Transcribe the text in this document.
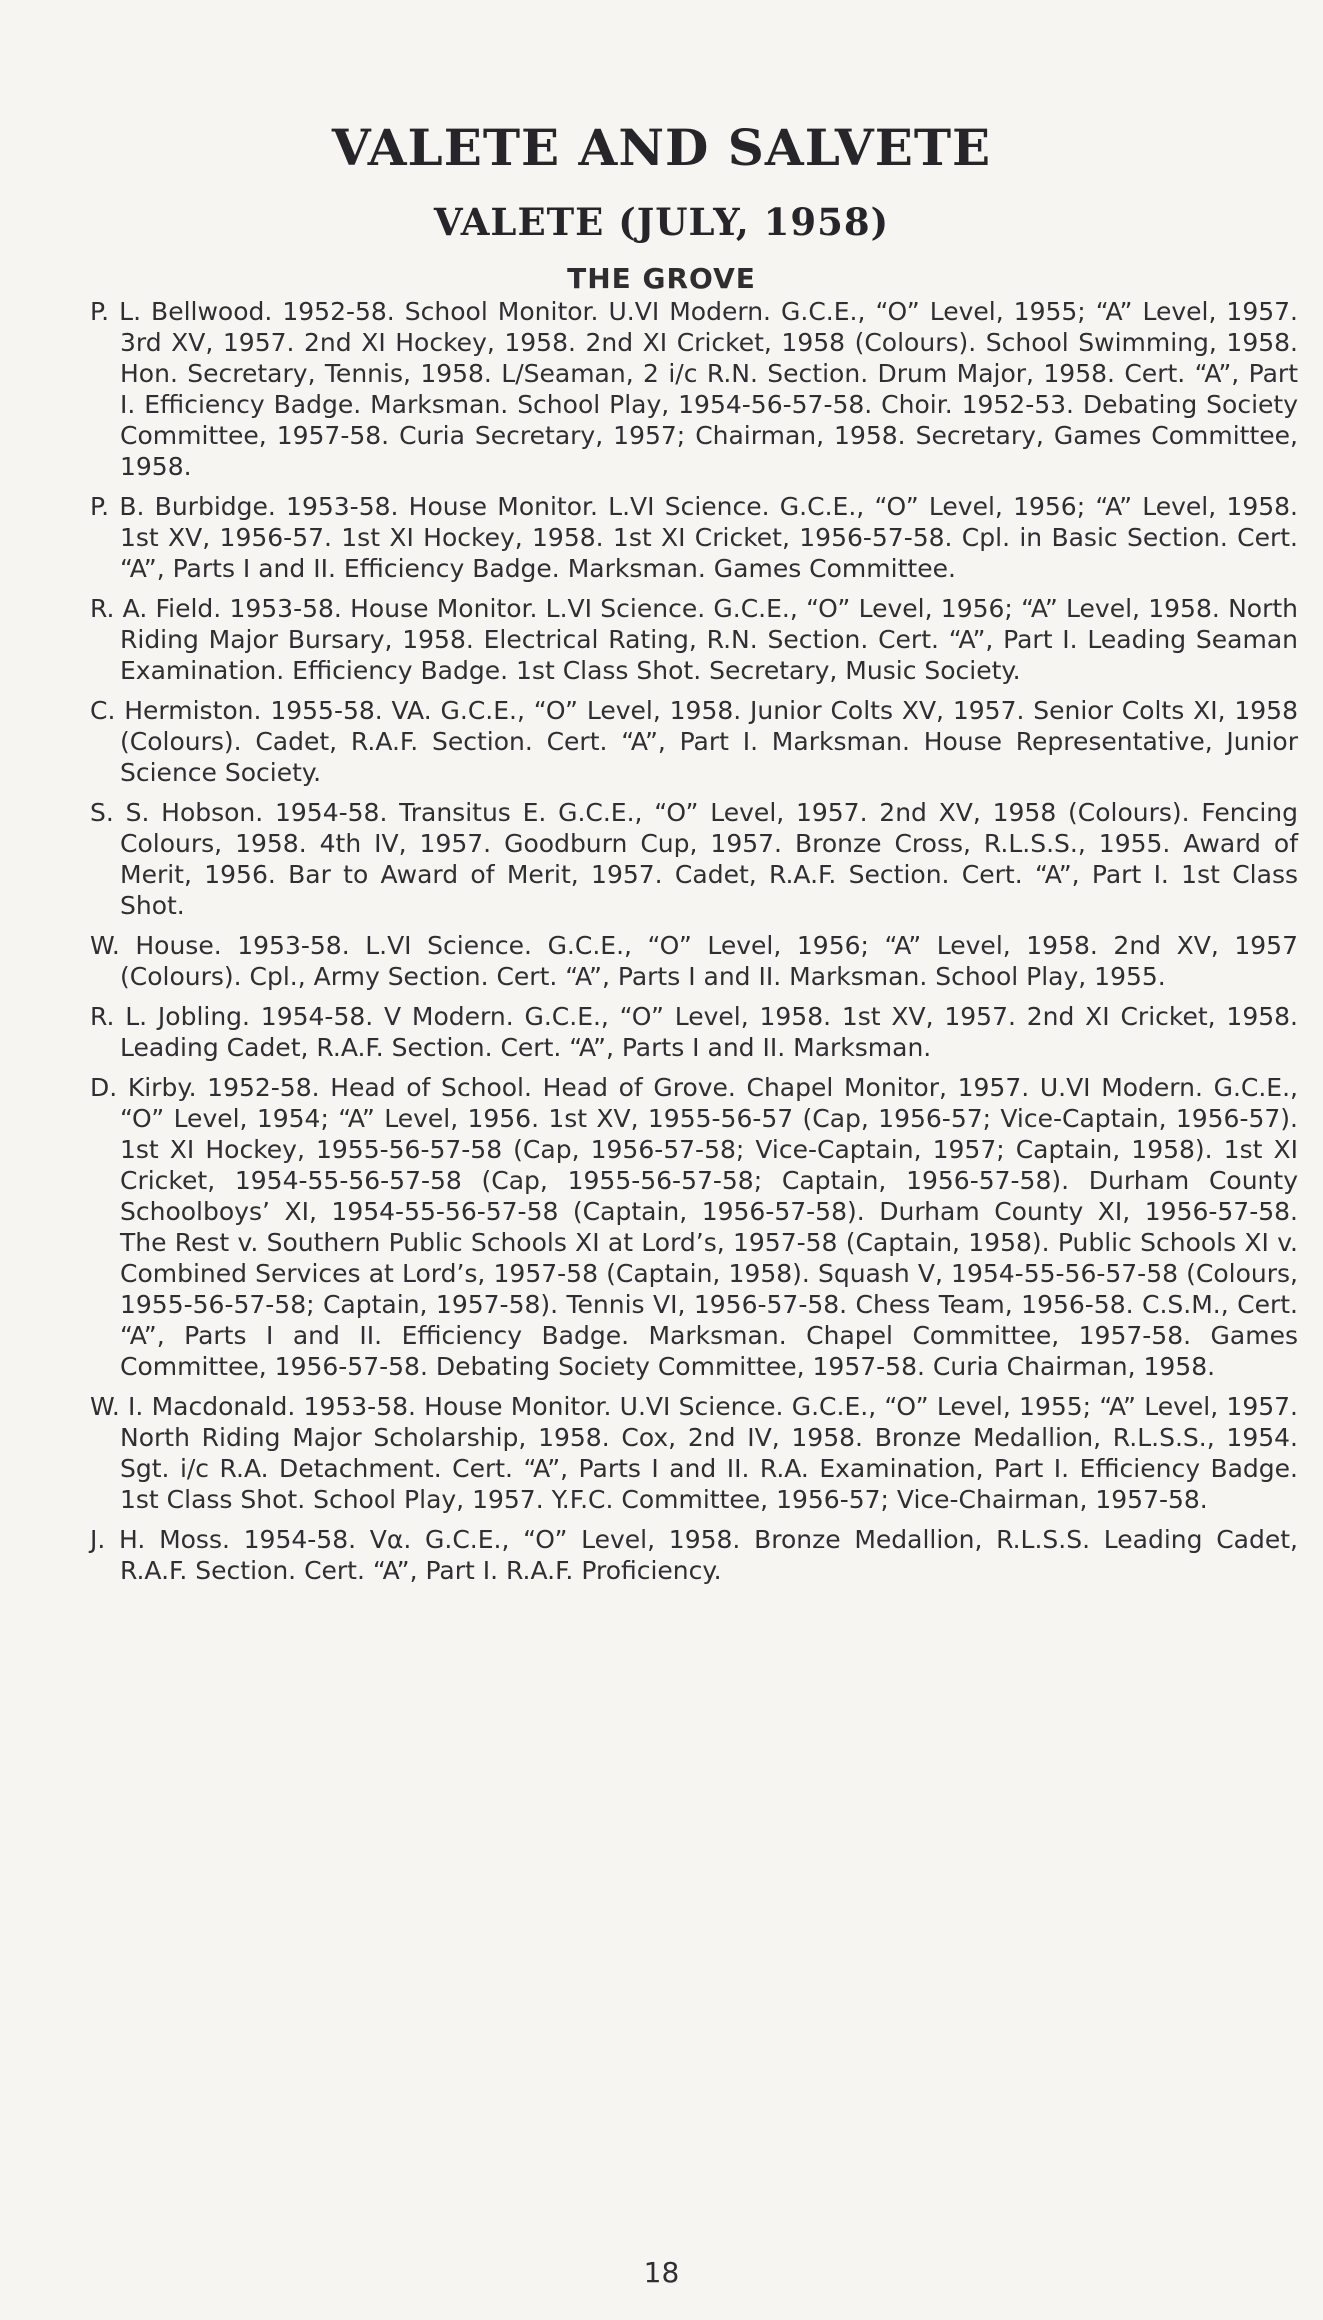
VALETE AND SALVETE
VALETE (JULY, 1958)
THE GROVE

P. L. Bellwood. 1952-58. School Monitor. U.VI Modern. G.C.E., “O” Level, 1955; “A” Level, 1957. 3rd XV, 1957. 2nd XI Hockey, 1958. 2nd XI Cricket, 1958 (Colours). School Swimming, 1958. Hon. Secretary, Tennis, 1958. L/Seaman, 2 i/c R.N. Section. Drum Major, 1958. Cert. “A”, Part I. Efficiency Badge. Marksman. School Play, 1954-56-57-58. Choir. 1952-53. Debating Society Committee, 1957-58. Curia Secretary, 1957; Chairman, 1958. Secretary, Games Committee, 1958.

P. B. Burbidge. 1953-58. House Monitor. L.VI Science. G.C.E., “O” Level, 1956; “A” Level, 1958. 1st XV, 1956-57. 1st XI Hockey, 1958. 1st XI Cricket, 1956-57-58. Cpl. in Basic Section. Cert. “A”, Parts I and II. Efficiency Badge. Marksman. Games Committee.

R. A. Field. 1953-58. House Monitor. L.VI Science. G.C.E., “O” Level, 1956; “A” Level, 1958. North Riding Major Bursary, 1958. Electrical Rating, R.N. Section. Cert. “A”, Part I. Leading Seaman Examination. Efficiency Badge. 1st Class Shot. Secretary, Music Society.

C. Hermiston. 1955-58. VA. G.C.E., “O” Level, 1958. Junior Colts XV, 1957. Senior Colts XI, 1958 (Colours). Cadet, R.A.F. Section. Cert. “A”, Part I. Marksman. House Representative, Junior Science Society.

S. S. Hobson. 1954-58. Transitus E. G.C.E., “O” Level, 1957. 2nd XV, 1958 (Colours). Fencing Colours, 1958. 4th IV, 1957. Goodburn Cup, 1957. Bronze Cross, R.L.S.S., 1955. Award of Merit, 1956. Bar to Award of Merit, 1957. Cadet, R.A.F. Section. Cert. “A”, Part I. 1st Class Shot.

W. House. 1953-58. L.VI Science. G.C.E., “O” Level, 1956; “A” Level, 1958. 2nd XV, 1957 (Colours). Cpl., Army Section. Cert. “A”, Parts I and II. Marksman. School Play, 1955.

R. L. Jobling. 1954-58. V Modern. G.C.E., “O” Level, 1958. 1st XV, 1957. 2nd XI Cricket, 1958. Leading Cadet, R.A.F. Section. Cert. “A”, Parts I and II. Marksman.

D. Kirby. 1952-58. Head of School. Head of Grove. Chapel Monitor, 1957. U.VI Modern. G.C.E., “O” Level, 1954; “A” Level, 1956. 1st XV, 1955-56-57 (Cap, 1956-57; Vice-Captain, 1956-57). 1st XI Hockey, 1955-56-57-58 (Cap, 1956-57-58; Vice-Captain, 1957; Captain, 1958). 1st XI Cricket, 1954-55-56-57-58 (Cap, 1955-56-57-58; Captain, 1956-57-58). Durham County Schoolboys’ XI, 1954-55-56-57-58 (Captain, 1956-57-58). Durham County XI, 1956-57-58. The Rest v. Southern Public Schools XI at Lord’s, 1957-58 (Captain, 1958). Public Schools XI v. Combined Services at Lord’s, 1957-58 (Captain, 1958). Squash V, 1954-55-56-57-58 (Colours, 1955-56-57-58; Captain, 1957-58). Tennis VI, 1956-57-58. Chess Team, 1956-58. C.S.M., Cert. “A”, Parts I and II. Efficiency Badge. Marksman. Chapel Committee, 1957-58. Games Committee, 1956-57-58. Debating Society Committee, 1957-58. Curia Chairman, 1958.

W. I. Macdonald. 1953-58. House Monitor. U.VI Science. G.C.E., “O” Level, 1955; “A” Level, 1957. North Riding Major Scholarship, 1958. Cox, 2nd IV, 1958. Bronze Medallion, R.L.S.S., 1954. Sgt. i/c R.A. Detachment. Cert. “A”, Parts I and II. R.A. Examination, Part I. Efficiency Badge. 1st Class Shot. School Play, 1957. Y.F.C. Committee, 1956-57; Vice-Chairman, 1957-58.

J. H. Moss. 1954-58. Vα. G.C.E., “O” Level, 1958. Bronze Medallion, R.L.S.S. Leading Cadet, R.A.F. Section. Cert. “A”, Part I. R.A.F. Proficiency.

18
